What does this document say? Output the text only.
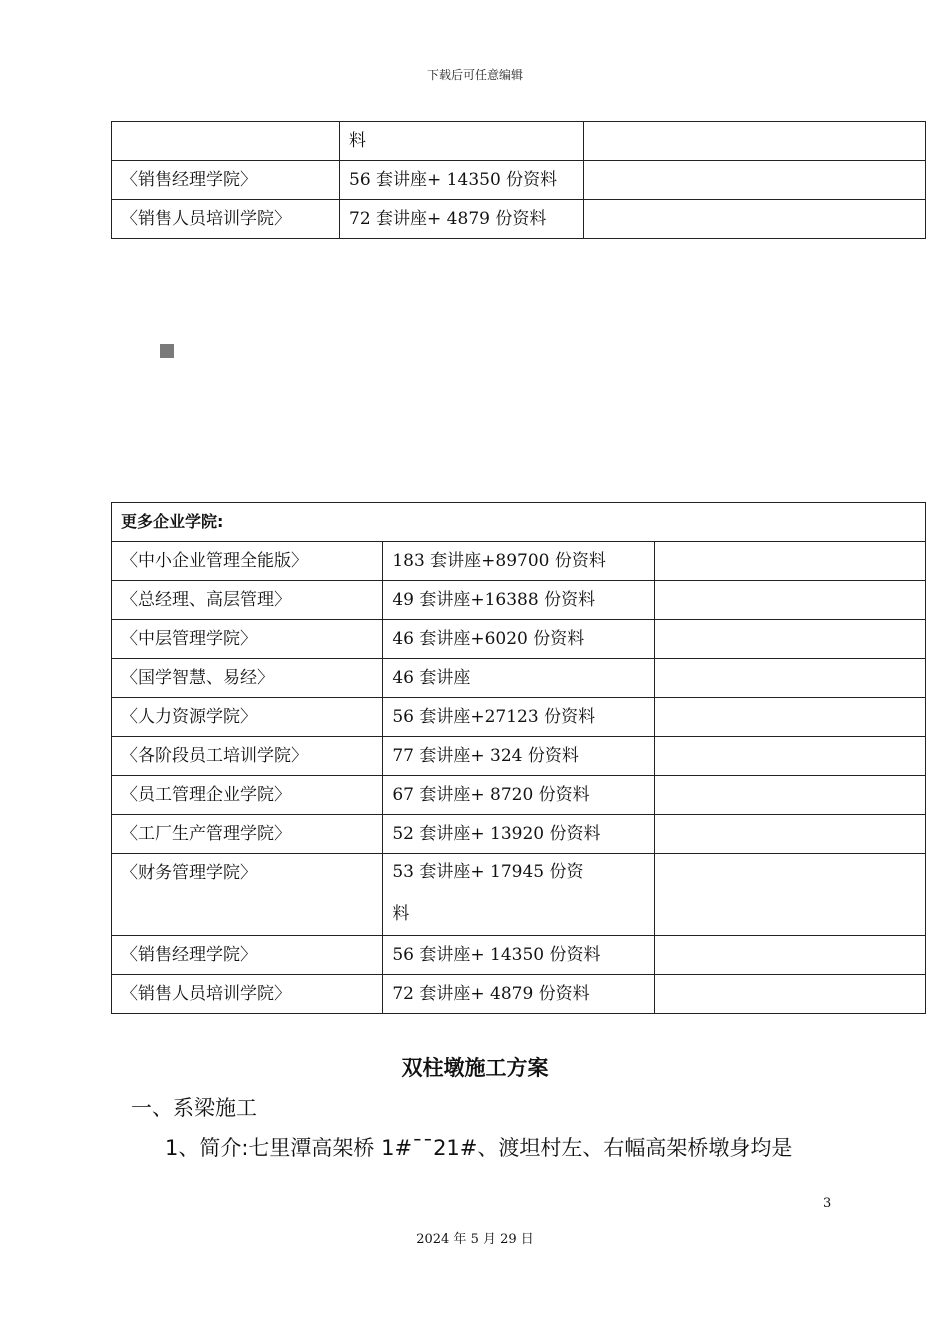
下载后可任意编辑
	料	
〈销售经理学院〉	56 套讲座+ 14350 份资料	
〈销售人员培训学院〉	72 套讲座+ 4879 份资料	
更多企业学院:		
〈中小企业管理全能版〉	183 套讲座+89700 份资料	
〈总经理、高层管理〉	49 套讲座+16388 份资料	
〈中层管理学院〉	46 套讲座+6020 份资料	
〈国学智慧、易经〉	46 套讲座	
〈人力资源学院〉	56 套讲座+27123 份资料	
〈各阶段员工培训学院〉	77 套讲座+ 324 份资料	
〈员工管理企业学院〉	67 套讲座+ 8720 份资料	
〈工厂生产管理学院〉	52 套讲座+ 13920 份资料	
〈财务管理学院〉	53 套讲座+ 17945 份资
料	

〈销售经理学院〉	56 套讲座+ 14350 份资料	
〈销售人员培训学院〉	72 套讲座+ 4879 份资料	
双柱墩施工方案
一、系梁施工
1、简介:七里潭高架桥 1#¯¯21#、渡坦村左、右幅高架桥墩身均是
3
2024 年 5 月 29 日
